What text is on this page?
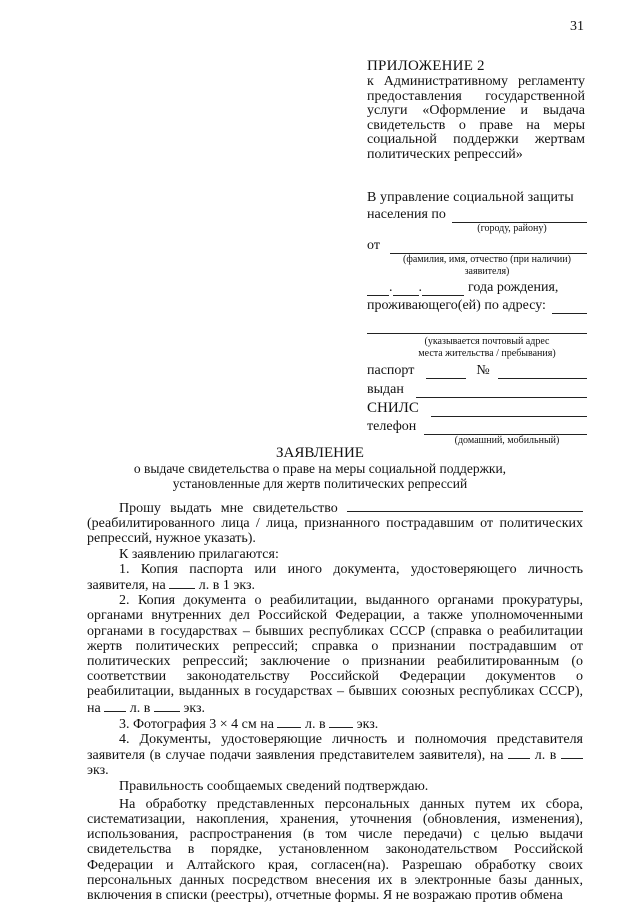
31
ПРИЛОЖЕНИЕ 2
к Административному регламенту предоставления государственной услуги «Оформление и выдача свидетельств о праве на меры социальной поддержки жертвам политических репрессий»
В управление социальной защиты
населения по
(городу, району)
от
(фамилия, имя, отчество (при наличии)
заявителя)
. .	года рождения,
проживающего(ей) по адресу:
(указывается почтовый адрес
места жительства / пребывания)
паспорт	№
выдан
СНИЛС
телефон
(домашний, мобильный)
ЗАЯВЛЕНИЕ
о выдаче свидетельства о праве на меры социальной поддержки,
установленные для жертв политических репрессий

Прошу выдать мне свидетельство  (реабилитированного лица / лица, признанного пострадавшим от политических репрессий, нужное указать).

К заявлению прилагаются:

1. Копия паспорта или иного документа, удостоверяющего личность заявителя, на л. в 1 экз.

2. Копия документа о реабилитации, выданного органами прокуратуры, органами внутренних дел Российской Федерации, а также уполномоченными органами в государствах – бывших республиках СССР (справка о реабилитации жертв политических репрессий; справка о признании пострадавшим от политических репрессий; заключение о признании реабилитированным (о соответствии законодательству Российской Федерации документов о реабилитации, выданных в государствах – бывших союзных республиках СССР), на л. в экз.

3. Фотография 3 × 4 см на л. в экз.

4. Документы, удостоверяющие личность и полномочия представителя заявителя (в случае подачи заявления представителем заявителя), на л. в  экз.

Правильность сообщаемых сведений подтверждаю.

На обработку представленных персональных данных путем их сбора, систематизации, накопления, хранения, уточнения (обновления, изменения), использования, распространения (в том числе передачи) с целью выдачи свидетельства в порядке, установленном законодательством Российской Федерации и Алтайского края, согласен(на). Разрешаю обработку своих персональных данных посредством внесения их в электронные базы данных, включения в списки (реестры), отчетные формы. Я не возражаю против обмена
